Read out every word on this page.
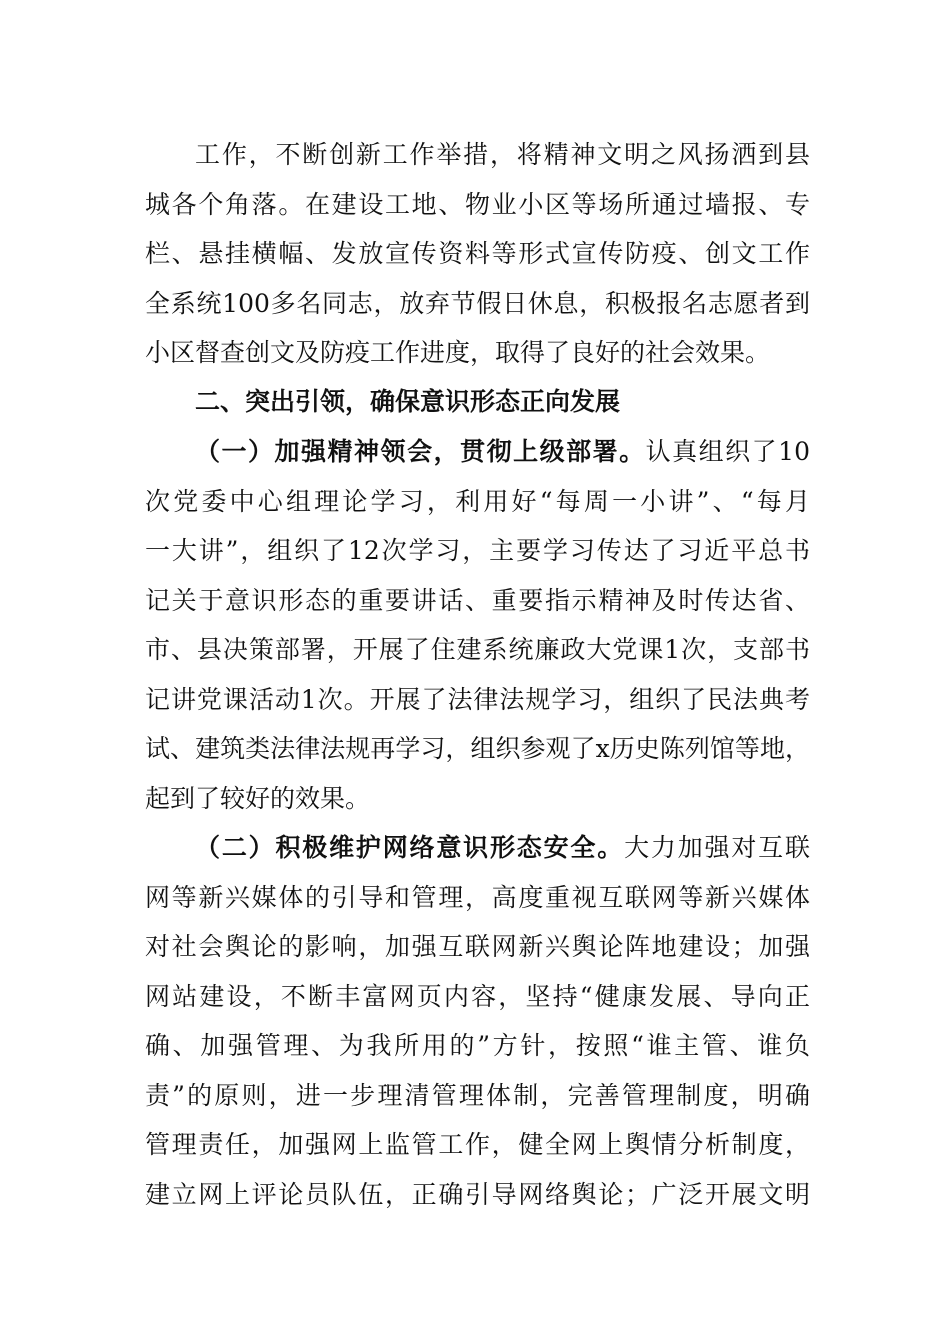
工作，不断创新工作举措，将精神文明之风扬洒到县
城各个角落。在建设工地、物业小区等场所通过墙报、专
栏、悬挂横幅、发放宣传资料等形式宣传防疫、创文工作
全系统100多名同志，放弃节假日休息，积极报名志愿者到
小区督查创文及防疫工作进度，取得了良好的社会效果。
二、突出引领，确保意识形态正向发展
（一）加强精神领会，贯彻上级部署。认真组织了10
次党委中心组理论学习，利用好“每周一小讲”、“每月
一大讲”，组织了12次学习，主要学习传达了习近平总书
记关于意识形态的重要讲话、重要指示精神及时传达省、
市、县决策部署，开展了住建系统廉政大党课1次，支部书
记讲党课活动1次。开展了法律法规学习，组织了民法典考
试、建筑类法律法规再学习，组织参观了x历史陈列馆等地，
起到了较好的效果。
（二）积极维护网络意识形态安全。大力加强对互联
网等新兴媒体的引导和管理，高度重视互联网等新兴媒体
对社会舆论的影响，加强互联网新兴舆论阵地建设；加强
网站建设，不断丰富网页内容，坚持“健康发展、导向正
确、加强管理、为我所用的”方针，按照“谁主管、谁负
责”的原则，进一步理清管理体制，完善管理制度，明确
管理责任，加强网上监管工作，健全网上舆情分析制度，
建立网上评论员队伍，正确引导网络舆论；广泛开展文明
